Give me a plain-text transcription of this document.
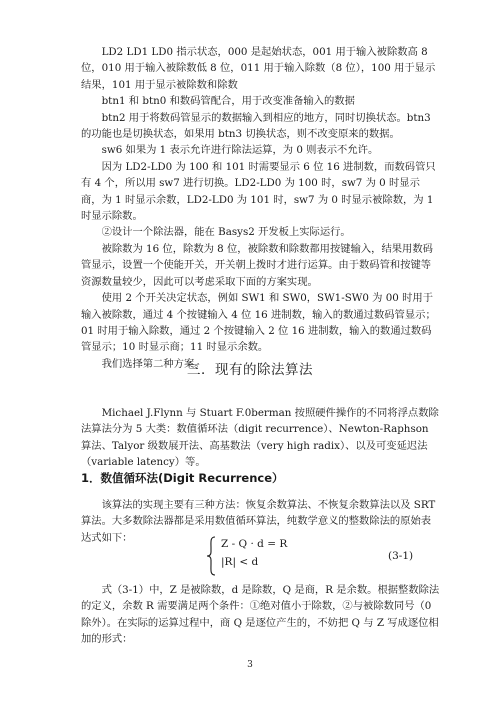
LD2 LD1 LD0 指示状态，000 是起始状态，001 用于输入被除数高 8 位，010 用于输入被除数低 8 位，011 用于输入除数（8 位），100 用于显示结果，101 用于显示被除数和除数

btn1 和 btn0 和数码管配合，用于改变准备输入的数据

btn2 用于将数码管显示的数据输入到相应的地方，同时切换状态。btn3 的功能也是切换状态，如果用 btn3 切换状态，则不改变原来的数据。

sw6 如果为 1 表示允许进行除法运算，为 0 则表示不允许。

因为 LD2-LD0 为 100 和 101 时需要显示 6 位 16 进制数，而数码管只有 4 个，所以用 sw7 进行切换。LD2-LD0 为 100 时，sw7 为 0 时显示商，为 1 时显示余数，LD2-LD0 为 101 时，sw7 为 0 时显示被除数，为 1 时显示除数。

②设计一个除法器，能在 Basys2 开发板上实际运行。

被除数为 16 位，除数为 8 位，被除数和除数都用按键输入，结果用数码管显示，设置一个使能开关，开关朝上拨时才进行运算。由于数码管和按键等资源数量较少，因此可以考虑采取下面的方案实现。

使用 2 个开关决定状态，例如 SW1 和 SW0，SW1-SW0 为 00 时用于输入被除数，通过 4 个按键输入 4 位 16 进制数，输入的数通过数码管显示；01 时用于输入除数，通过 2 个按键输入 2 位 16 进制数，输入的数通过数码管显示；10 时显示商；11 时显示余数。

我们选择第二种方案。

三．现有的除法算法

Michael J.Flynn 与 Stuart F.0berman 按照硬件操作的不同将浮点数除法算法分为 5 大类：数值循环法（digit recurrence）、Newton-Raphson 算法、Talyor 级数展开法、高基数法（very high radix）、以及可变延迟法（variable latency）等。

1．数值循环法(Digit Recurrence）

该算法的实现主要有三种方法：恢复余数算法、不恢复余数算法以及 SRT 算法。大多数除法器都是采用数值循环算法，纯数学意义的整数除法的原始表达式如下：

Z - Q · d = R
|R| < d	(3-1)

式（3-1）中，Z 是被除数，d 是除数，Q 是商，R 是余数。根据整数除法的定义，余数 R 需要满足两个条件：①绝对值小于除数，②与被除数同号（0 除外）。在实际的运算过程中，商 Q 是逐位产生的，不妨把 Q 与 Z 写成逐位相加的形式：

3
